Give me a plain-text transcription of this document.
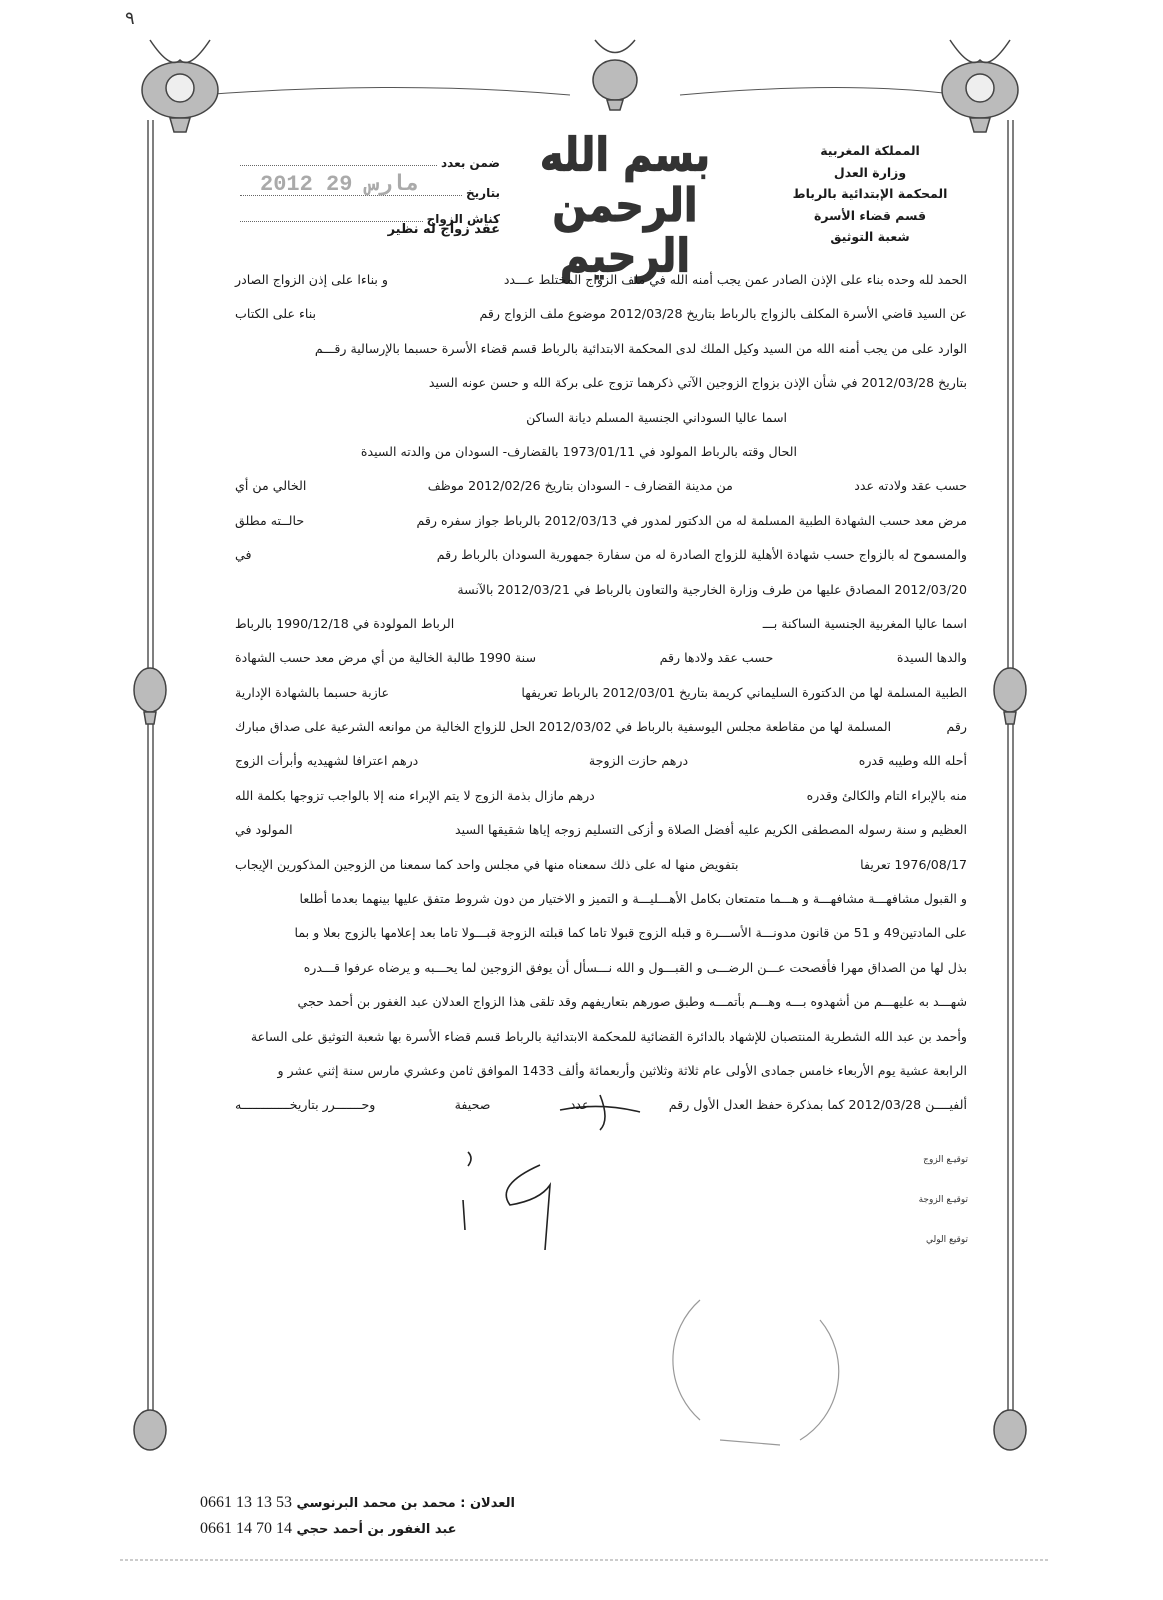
٩
المملكة المغربية
وزارة العدل
المحكمة الإبتدائية بالرباط
قسم قضاء الأسرة
شعبة التوثيق
بسم الله الرحمن الرحيم
ضمن بعدد
بتاريخ
2012 مارس 29
كناش الزواج
عقد زواج له نظير
الحمد لله وحده بناء على الإذن الصادر عمن يجب أمنه الله في ملف الزواج المختلط عـــدد
و بناءا على إذن الزواج الصادر
عن السيد قاضي الأسرة المكلف بالزواج بالرباط بتاريخ 2012/03/28 موضوع ملف الزواج رقم
بناء على الكتاب
الوارد على من يجب أمنه الله من السيد وكيل الملك لدى المحكمة الابتدائية بالرباط قسم قضاء الأسرة حسبما بالإرسالية رقـــم
بتاريخ 2012/03/28 في شأن الإذن بزواج الزوجين الآتي ذكرهما تزوج على بركة الله و حسن عونه السيد
اسما عاليا السوداني الجنسية المسلم ديانة الساكن
الحال وقته بالرباط المولود في 1973/01/11 بالقضارف- السودان من والدته السيدة
حسب عقد ولادته عدد
من مدينة القضارف - السودان بتاريخ 2012/02/26 موظف
الخالي من أي
مرض معد حسب الشهادة الطبية المسلمة له من الدكتور لمدور في 2012/03/13 بالرباط جواز سفره رقم
حالــته مطلق
والمسموح له بالزواج حسب شهادة الأهلية للزواج الصادرة له من سفارة جمهورية السودان بالرباط رقم
في
2012/03/20 المصادق عليها من طرف وزارة الخارجية والتعاون بالرباط في 2012/03/21 بالآنسة
اسما عاليا المغربية الجنسية الساكنة بـــ
الرباط المولودة في 1990/12/18 بالرباط
والدها السيدة
حسب عقد ولادها رقم
سنة 1990 طالبة الخالية من أي مرض معد حسب الشهادة
الطبية المسلمة لها من الدكتورة السليماني كريمة بتاريخ 2012/03/01 بالرباط تعريفها
عازبة حسبما بالشهادة الإدارية
رقم
المسلمة لها من مقاطعة مجلس اليوسفية بالرباط في 2012/03/02 الحل للزواج الخالية من موانعه الشرعية على صداق مبارك
أحله الله وطيبه قدره
درهم حازت الزوجة
درهم اعترافا لشهيديه وأبرأت الزوج
منه بالإبراء التام والكالئ وقدره
درهم مازال بذمة الزوج لا يتم الإبراء منه إلا بالواجب تزوجها بكلمة الله
العظيم و سنة رسوله المصطفى الكريم عليه أفضل الصلاة و أزكى التسليم زوجه إياها شقيقها السيد
المولود في
1976/08/17 تعريفا
بتفويض منها له على ذلك سمعناه منها في مجلس واحد كما سمعنا من الزوجين المذكورين الإيجاب
و القبول مشافهـــة مشافهـــة و هـــما متمتعان بكامل الأهـــليـــة و التميز و الاختيار من دون شروط متفق عليها بينهما بعدما أطلعا
على المادتين49 و 51 من قانون مدونـــة الأســـرة و قبله الزوج قبولا تاما كما قبلته الزوجة قبـــولا تاما بعد إعلامها بالزوج بعلا و بما
بذل لها من الصداق مهرا فأفصحت عـــن الرضـــى و القبـــول و الله نـــسأل أن يوفق الزوجين لما يحـــبه و يرضاه عرفوا قـــدره
شهـــد به عليهـــم من أشهدوه بـــه وهـــم بأتمـــه وطبق صورهم بتعاريفهم وقد تلقى هذا الزواج العدلان عبد الغفور بن أحمد حجي
وأحمد بن عبد الله الشطرية المنتصبان للإشهاد بالدائرة القضائية للمحكمة الابتدائية بالرباط قسم قضاء الأسرة بها شعبة التوثيق على الساعة
الرابعة عشية يوم الأربعاء خامس جمادى الأولى عام ثلاثة وثلاثين وأربعمائة وألف 1433 الموافق ثامن وعشري مارس سنة إثني عشر و
ألفيــــن 2012/03/28 كما بمذكرة حفظ العدل الأول رقم
عدد
صحيفة
وحـــــــرر بتاريخـــــــــــــه
توقيـع الزوج
توقيـع الزوجة
توقيع الولي
العدلان : محمد بن محمد البرنوسي 0661 13 13 53
عبد الغفور بن أحمد حجي 0661 14 70 14
